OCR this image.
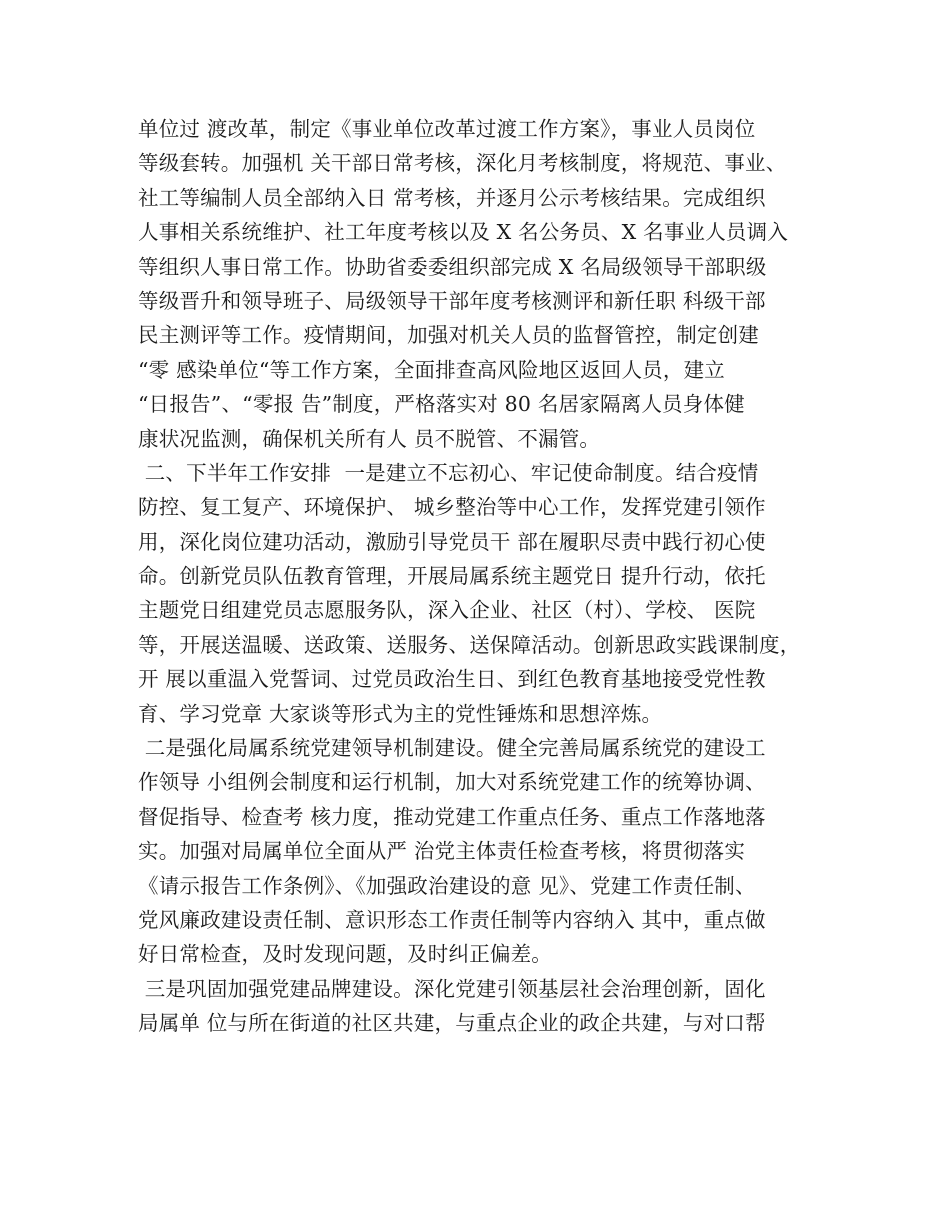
单位过 渡改革，制定《事业单位改革过渡工作方案》，事业人员岗位
等级套转。加强机 关干部日常考核，深化月考核制度，将规范、事业、
社工等编制人员全部纳入日 常考核，并逐月公示考核结果。完成组织
人事相关系统维护、社工年度考核以及 X 名公务员、X 名事业人员调入
等组织人事日常工作。协助省委委组织部完成 X 名局级领导干部职级
等级晋升和领导班子、局级领导干部年度考核测评和新任职 科级干部
民主测评等工作。疫情期间，加强对机关人员的监督管控，制定创建
“零 感染单位“等工作方案，全面排查高风险地区返回人员，建立
“日报告”、“零报 告”制度，严格落实对 80 名居家隔离人员身体健
康状况监测，确保机关所有人 员不脱管、不漏管。
二、下半年工作安排  一是建立不忘初心、牢记使命制度。结合疫情
防控、复工复产、环境保护、 城乡整治等中心工作，发挥党建引领作
用，深化岗位建功活动，激励引导党员干 部在履职尽责中践行初心使
命。创新党员队伍教育管理，开展局属系统主题党日 提升行动，依托
主题党日组建党员志愿服务队，深入企业、社区（村）、学校、 医院
等，开展送温暖、送政策、送服务、送保障活动。创新思政实践课制度，
开 展以重温入党誓词、过党员政治生日、到红色教育基地接受党性教
育、学习党章 大家谈等形式为主的党性锤炼和思想淬炼。
二是强化局属系统党建领导机制建设。健全完善局属系统党的建设工
作领导 小组例会制度和运行机制，加大对系统党建工作的统筹协调、
督促指导、检查考 核力度，推动党建工作重点任务、重点工作落地落
实。加强对局属单位全面从严 治党主体责任检查考核，将贯彻落实
《请示报告工作条例》、《加强政治建设的意 见》、党建工作责任制、
党风廉政建设责任制、意识形态工作责任制等内容纳入 其中，重点做
好日常检查，及时发现问题，及时纠正偏差。
三是巩固加强党建品牌建设。深化党建引领基层社会治理创新，固化
局属单 位与所在街道的社区共建，与重点企业的政企共建，与对口帮
